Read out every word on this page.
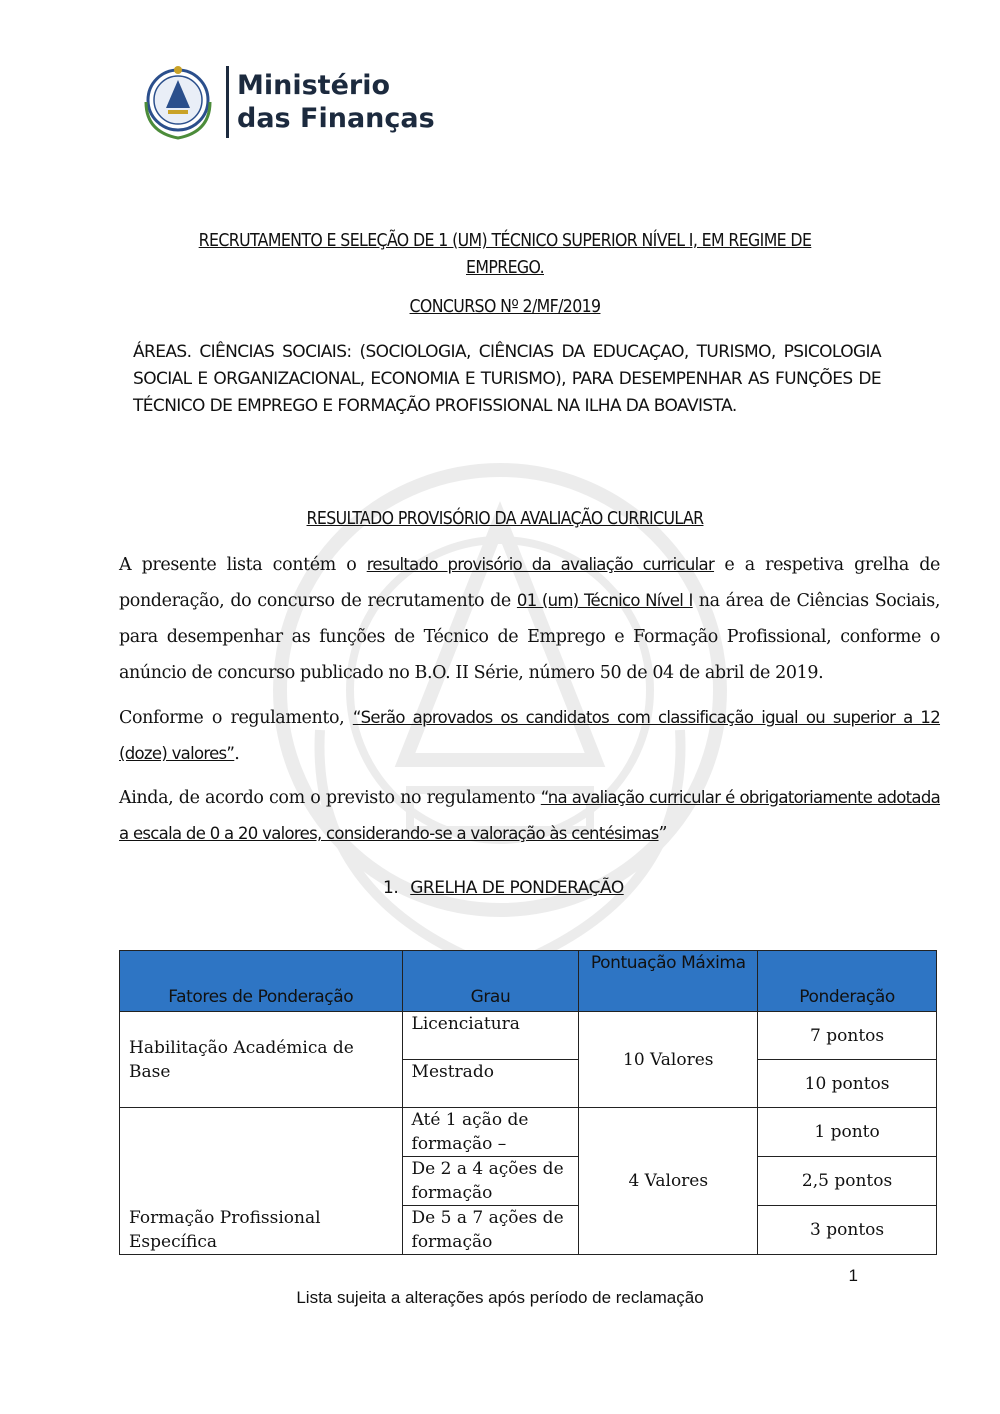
Ministério
das Finanças
RECRUTAMENTO E SELEÇÃO DE 1 (UM) TÉCNICO SUPERIOR NÍVEL I, EM REGIME DE
EMPREGO.
CONCURSO Nº 2/MF/2019
ÁREAS. CIÊNCIAS SOCIAIS: (SOCIOLOGIA, CIÊNCIAS DA EDUCAÇAO, TURISMO, PSICOLOGIA SOCIAL E ORGANIZACIONAL, ECONOMIA E TURISMO), PARA DESEMPENHAR AS FUNÇÕES DE TÉCNICO DE EMPREGO E FORMAÇÃO PROFISSIONAL NA ILHA DA BOAVISTA.
RESULTADO PROVISÓRIO DA AVALIAÇÃO CURRICULAR
A presente lista contém o resultado provisório da avaliação curricular e a respetiva grelha de ponderação, do concurso de recrutamento de 01 (um) Técnico Nível I na área de Ciências Sociais, para desempenhar as funções de Técnico de Emprego e Formação Profissional, conforme o anúncio de concurso publicado no B.O. II Série, número 50 de 04 de abril de 2019.
Conforme o regulamento, “Serão aprovados os candidatos com classificação igual ou superior a 12 (doze) valores”.
Ainda, de acordo com o previsto no regulamento “na avaliação curricular é obrigatoriamente adotada a escala de 0 a 20 valores, considerando-se a valoração às centésimas”
1. GRELHA DE PONDERAÇÃO
Fatores de Ponderação	Grau	Pontuação Máxima	Ponderação
Habilitação Académica de Base	Licenciatura	10 Valores	7 pontos
	Mestrado		10 pontos
Formação Profissional Específica	Até 1 ação de formação –	4 Valores	1 ponto
	De 2 a 4 ações de formação		2,5 pontos
	De 5 a 7 ações de formação		3 pontos
1
Lista sujeita a alterações após período de reclamação
